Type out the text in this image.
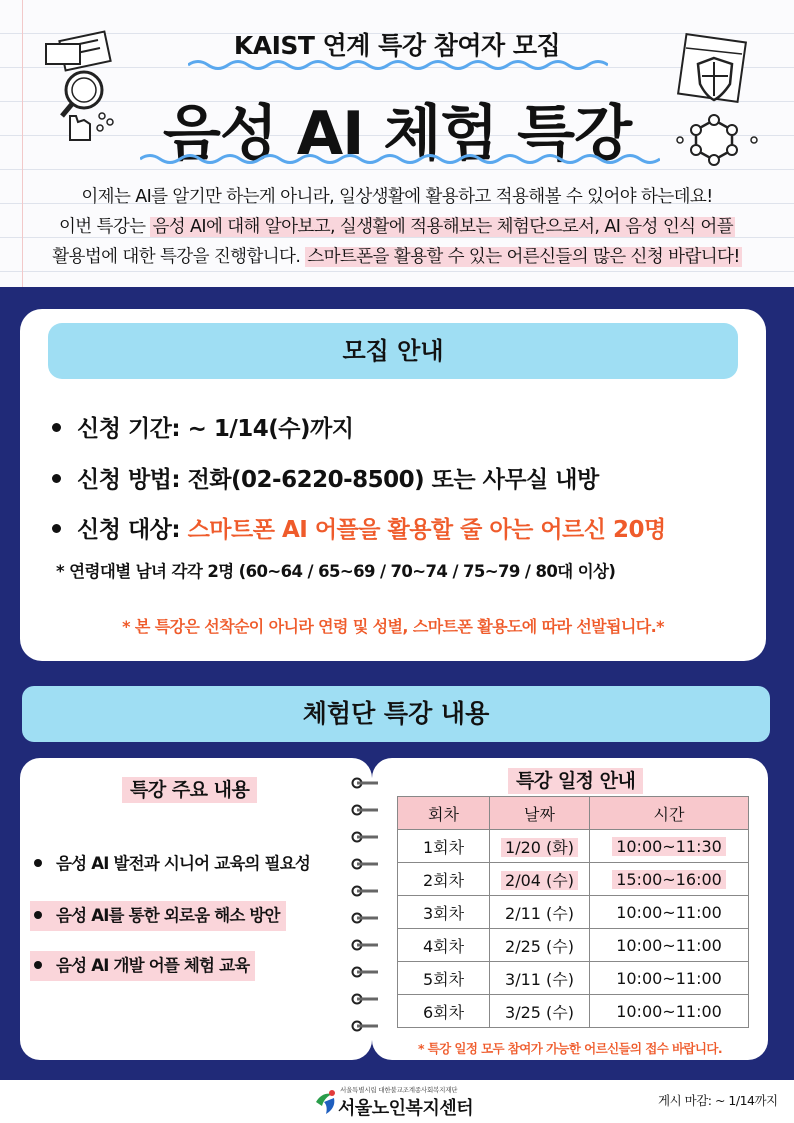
KAIST 연계 특강 참여자 모집
음성 AI 체험 특강
이제는 AI를 알기만 하는게 아니라, 일상생활에 활용하고 적용해볼 수 있어야 하는데요!
이번 특강는 음성 AI에 대해 알아보고, 실생활에 적용해보는 체험단으로서, AI 음성 인식 어플
활용법에 대한 특강을 진행합니다. 스마트폰을 활용할 수 있는 어른신들의 많은 신청 바랍니다!
모집 안내
신청 기간: ~ 1/14(수)까지
신청 방법: 전화(02-6220-8500) 또는 사무실 내방
신청 대상: 스마트폰 AI 어플을 활용할 줄 아는 어르신 20명
* 연령대별 남녀 각각 2명 (60~64 / 65~69 / 70~74 / 75~79 / 80대 이상)
* 본 특강은 선착순이 아니라 연령 및 성별, 스마트폰 활용도에 따라 선발됩니다.*
체험단 특강 내용
특강 주요 내용
음성 AI 발전과 시니어 교육의 필요성
음성 AI를 통한 외로움 해소 방안
음성 AI 개발 어플 체험 교육
특강 일정 안내
회차	날짜	시간
1회차	1/20 (화)	10:00~11:30
2회차	2/04 (수)	15:00~16:00
3회차	2/11 (수)	10:00~11:00
4회차	2/25 (수)	10:00~11:00
5회차	3/11 (수)	10:00~11:00
6회차	3/25 (수)	10:00~11:00
* 특강 일정 모두 참여가 가능한 어르신들의 접수 바랍니다.
서울특별시립 대한불교조계종사회복지재단
서울노인복지센터	게시 마감: ~ 1/14까지
